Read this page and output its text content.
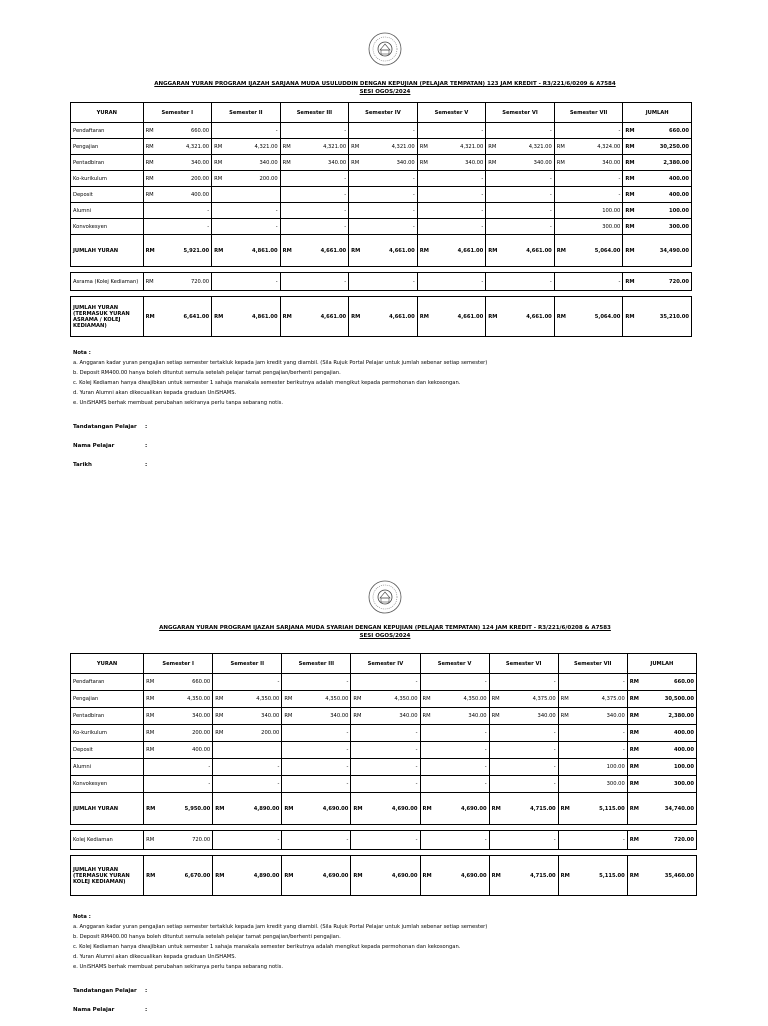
ANGGARAN YURAN PROGRAM IJAZAH SARJANA MUDA USULUDDIN DENGAN KEPUJIAN (PELAJAR TEMPATAN) 123 JAM KREDIT - R3/221/6/0209 & A7584
SESI OGOS/2024
YURAN	Semester I		Semester II		Semester III		Semester IV		Semester V		Semester VI		Semester VII		JUMLAH	
Pendaftaran	RM	660.00		-		-		-		-		-		-	RM	660.00
Pengajian	RM	4,321.00	RM	4,321.00	RM	4,321.00	RM	4,321.00	RM	4,321.00	RM	4,321.00	RM	4,324.00	RM	30,250.00
Pentadbiran	RM	340.00	RM	340.00	RM	340.00	RM	340.00	RM	340.00	RM	340.00	RM	340.00	RM	2,380.00
Ko-kurikulum	RM	200.00	RM	200.00		-		-		-		-		-	RM	400.00
Deposit	RM	400.00				-		-		-		-		-	RM	400.00
Alumni		-		-		-		-		-		-		100.00	RM	100.00
Konvokesyen		-		-		-		-		-		-		300.00	RM	300.00
JUMLAH YURAN	RM	5,921.00	RM	4,861.00	RM	4,661.00	RM	4,661.00	RM	4,661.00	RM	4,661.00	RM	5,064.00	RM	34,490.00

Asrama (Kolej Kediaman)	RM	720.00		-		-		-		-		-		-	RM	720.00

JUMLAH YURAN (TERMASUK YURAN ASRAMA / KOLEJ KEDIAMAN)	RM	6,641.00	RM	4,861.00	RM	4,661.00	RM	4,661.00	RM	4,661.00	RM	4,661.00	RM	5,064.00	RM	35,210.00
Nota :
a. Anggaran kadar yuran pengajian setiap semester tertakluk kepada jam kredit yang diambil. (Sila Rujuk Portal Pelajar untuk jumlah sebenar setiap semester)
b. Deposit RM400.00 hanya boleh dituntut semula setelah pelajar tamat pengajian/berhenti pengajian.
c. Kolej Kediaman hanya diwajibkan untuk semester 1 sahaja manakala semester berikutnya adalah mengikut kepada permohonan dan kekosongan.
d. Yuran Alumni akan dikecualikan kepada graduan UniSHAMS.
e. UniSHAMS berhak membuat perubahan sekiranya perlu tanpa sebarang notis.
Tandatangan Pelajar :
Nama Pelajar	:
Tarikh	:
ANGGARAN YURAN PROGRAM IJAZAH SARJANA MUDA SYARIAH DENGAN KEPUJIAN (PELAJAR TEMPATAN) 124 JAM KREDIT - R3/221/6/0208 & A7583
SESI OGOS/2024
YURAN	Semester I		Semester II		Semester III		Semester IV		Semester V		Semester VI		Semester VII		JUMLAH	
Pendaftaran	RM	660.00		-		-		-		-		-		-	RM	660.00
Pengajian	RM	4,350.00	RM	4,350.00	RM	4,350.00	RM	4,350.00	RM	4,350.00	RM	4,375.00	RM	4,375.00	RM	30,500.00
Pentadbiran	RM	340.00	RM	340.00	RM	340.00	RM	340.00	RM	340.00	RM	340.00	RM	340.00	RM	2,380.00
Ko-kurikulum	RM	200.00	RM	200.00		-		-		-		-		-	RM	400.00
Deposit	RM	400.00				-		-		-		-		-	RM	400.00
Alumni		-		-		-		-		-		-		100.00	RM	100.00
Konvokesyen		-		-		-		-		-		-		300.00	RM	300.00
JUMLAH YURAN	RM	5,950.00	RM	4,890.00	RM	4,690.00	RM	4,690.00	RM	4,690.00	RM	4,715.00	RM	5,115.00	RM	34,740.00

Kolej Kediaman	RM	720.00		-		-		-		-		-		-	RM	720.00

JUMLAH YURAN (TERMASUK YURAN KOLEJ KEDIAMAN)	RM	6,670.00	RM	4,890.00	RM	4,690.00	RM	4,690.00	RM	4,690.00	RM	4,715.00	RM	5,115.00	RM	35,460.00
Nota :
a. Anggaran kadar yuran pengajian setiap semester tertakluk kepada jam kredit yang diambil. (Sila Rujuk Portal Pelajar untuk jumlah sebenar setiap semester)
b. Deposit RM400.00 hanya boleh dituntut semula setelah pelajar tamat pengajian/berhenti pengajian.
c. Kolej Kediaman hanya diwajibkan untuk semester 1 sahaja manakala semester berikutnya adalah mengikut kepada permohonan dan kekosongan.
d. Yuran Alumni akan dikecualikan kepada graduan UniSHAMS.
e. UniSHAMS berhak membuat perubahan sekiranya perlu tanpa sebarang notis.
Tandatangan Pelajar :
Nama Pelajar	:
